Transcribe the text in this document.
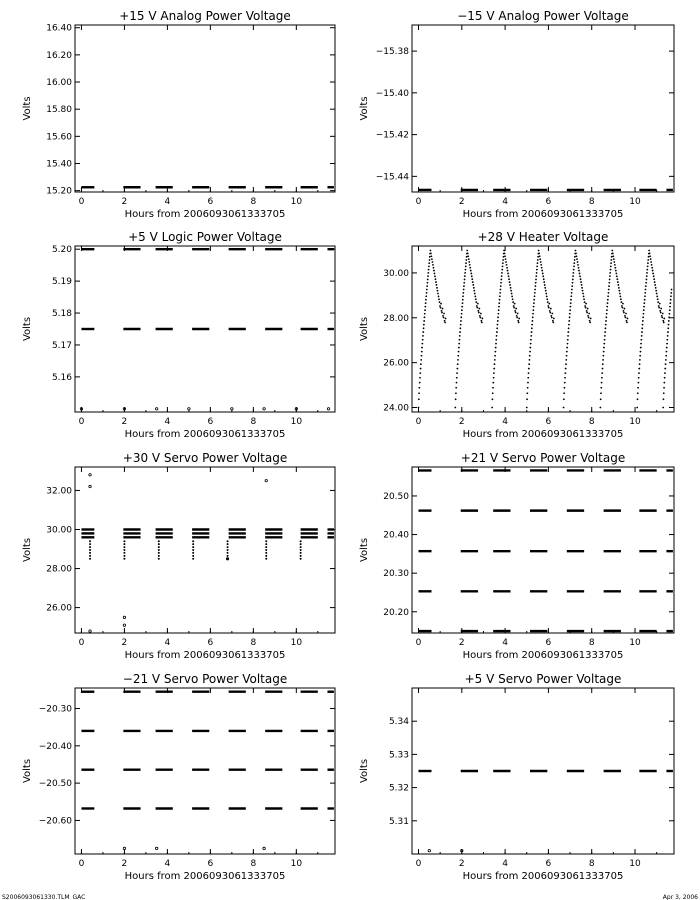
+15 V Analog Power Voltage
0	2	4	6	8	10
15.20
15.40
15.60
15.80
16.00
16.20
16.40
Hours from 2006093061333705
Volts
−15 V Analog Power Voltage
0	2	4	6	8	10
−15.38
−15.40
−15.42
−15.44
Hours from 2006093061333705
Volts
+5 V Logic Power Voltage
0	2	4	6	8	10
5.16
5.17
5.18
5.19
5.20
Hours from 2006093061333705
Volts
+28 V Heater Voltage
0	2	4	6	8	10
24.00
26.00
28.00
30.00
Hours from 2006093061333705
Volts
+30 V Servo Power Voltage
0	2	4	6	8	10
26.00
28.00
30.00
32.00
Hours from 2006093061333705
Volts
+21 V Servo Power Voltage
0	2	4	6	8	10
20.20
20.30
20.40
20.50
Hours from 2006093061333705
Volts
−21 V Servo Power Voltage
0	2	4	6	8	10
−20.30
−20.40
−20.50
−20.60
Hours from 2006093061333705
Volts
+5 V Servo Power Voltage
0	2	4	6	8	10
5.31
5.32
5.33
5.34
Hours from 2006093061333705
Volts
S2006093061330.TLM_GAC	Apr 3, 2006
